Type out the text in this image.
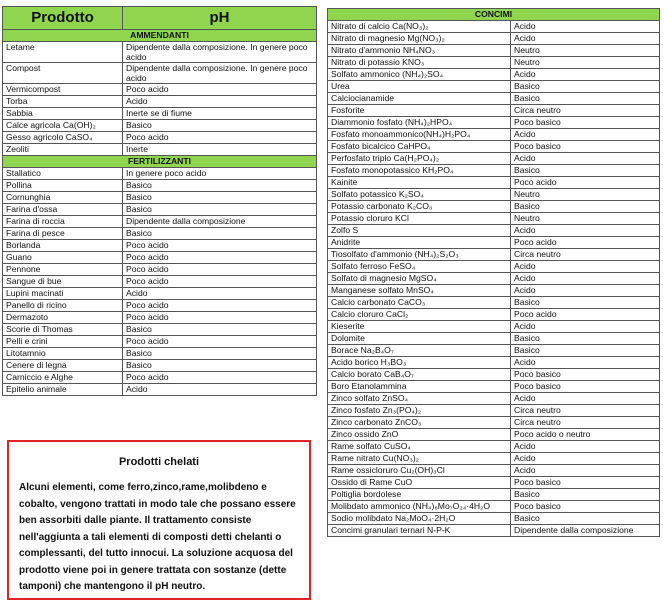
Prodotto	pH
AMMENDANTI	
Letame	Dipendente dalla composizione. In genere poco acido
Compost	Dipendente dalla composizione. In genere poco acido
Vermicompost	Poco acido
Torba	Acido
Sabbia	Inerte se di fiume
Calce agricola Ca(OH)₂	Basico
Gesso agricolo CaSO₄	Poco acido
Zeoliti	Inerte
FERTILIZZANTI	
Stallatico	In genere poco acido
Pollina	Basico
Cornunghia	Basico
Farina d'ossa	Basico
Farina di roccia	Dipendente dalla composizione
Farina di pesce	Basico
Borlanda	Poco acido
Guano	Poco acido
Pennone	Poco acido
Sangue di bue	Poco acido
Lupini macinati	Acido
Panello di ricino	Poco acido
Dermazoto	Poco acido
Scorie di Thomas	Basico
Pelli e crini	Poco acido
Litotamnio	Basico
Cenere di legna	Basico
Carniccio e Alghe	Poco acido
Epitelio animale	Acido
CONCIMI	
Nitrato di calcio Ca(NO₃)₂	Acido
Nitrato di magnesio Mg(NO₃)₂	Acido
Nitrato d'ammonio NH₄NO₃	Neutro
Nitrato di potassio KNO₃	Neutro
Solfato ammonico (NH₄)₂SO₄	Acido
Urea	Basico
Calciocianamide	Basico
Fosforite	Circa neutro
Diammonio fosfato (NH₄)₂HPO₄	Poco basico
Fosfato monoammonico(NH₄)H₂PO₄	Acido
Fosfato bicalcico CaHPO₄	Poco basico
Perfosfato triplo Ca(H₂PO₄)₂	Acido
Fosfato monopotassico KH₂PO₄	Basico
Kainite	Poco acido
Solfato potassico K₂SO₄	Neutro
Potassio carbonato K₂CO₃	Basico
Potassio cloruro KCl	Neutro
Zolfo S	Acido
Anidrite	Poco acido
Tiosolfato d'ammonio (NH₄)₂S₂O₃	Circa neutro
Solfato ferroso FeSO₄	Acido
Solfato di magnesio MgSO₄	Acido
Manganese solfato MnSO₄	Acido
Calcio carbonato CaCO₃	Basico
Calcio cloruro CaCl₂	Poco acido
Kieserite	Acido
Dolomite	Basico
Borace Na₂B₄O₇	Basico
Acido borico H₃BO₃	Acido
Calcio borato CaB₄O₇	Poco basico
Boro Etanolammina	Poco basico
Zinco solfato ZnSO₄	Acido
Zinco fosfato Zn₃(PO₄)₂	Circa neutro
Zinco carbonato ZnCO₃	Circa neutro
Zinco ossido ZnO	Poco acido o neutro
Rame solfato CuSO₄	Acido
Rame nitrato Cu(NO₃)₂	Acido
Rame ossicloruro Cu₂(OH)₃Cl	Acido
Ossido di Rame CuO	Poco basico
Poltiglia bordolese	Basico
Molibdato ammonico (NH₄)₆Mo₇O₂₄·4H₂O	Poco basico
Sodio molibdato Na₂MoO₄·2H₂O	Basico
Concimi granulari ternari N-P-K	Dipendente dalla composizione
Prodotti chelati
Alcuni elementi, come ferro,zinco,rame,molibdeno e cobalto, vengono trattati in modo tale che possano essere ben assorbiti dalle piante. Il trattamento consiste nell'aggiunta a tali elementi di composti detti chelanti o complessanti, del tutto innocui. La soluzione acquosa del prodotto viene poi in genere trattata con sostanze (dette tamponi) che mantengono il pH neutro.
